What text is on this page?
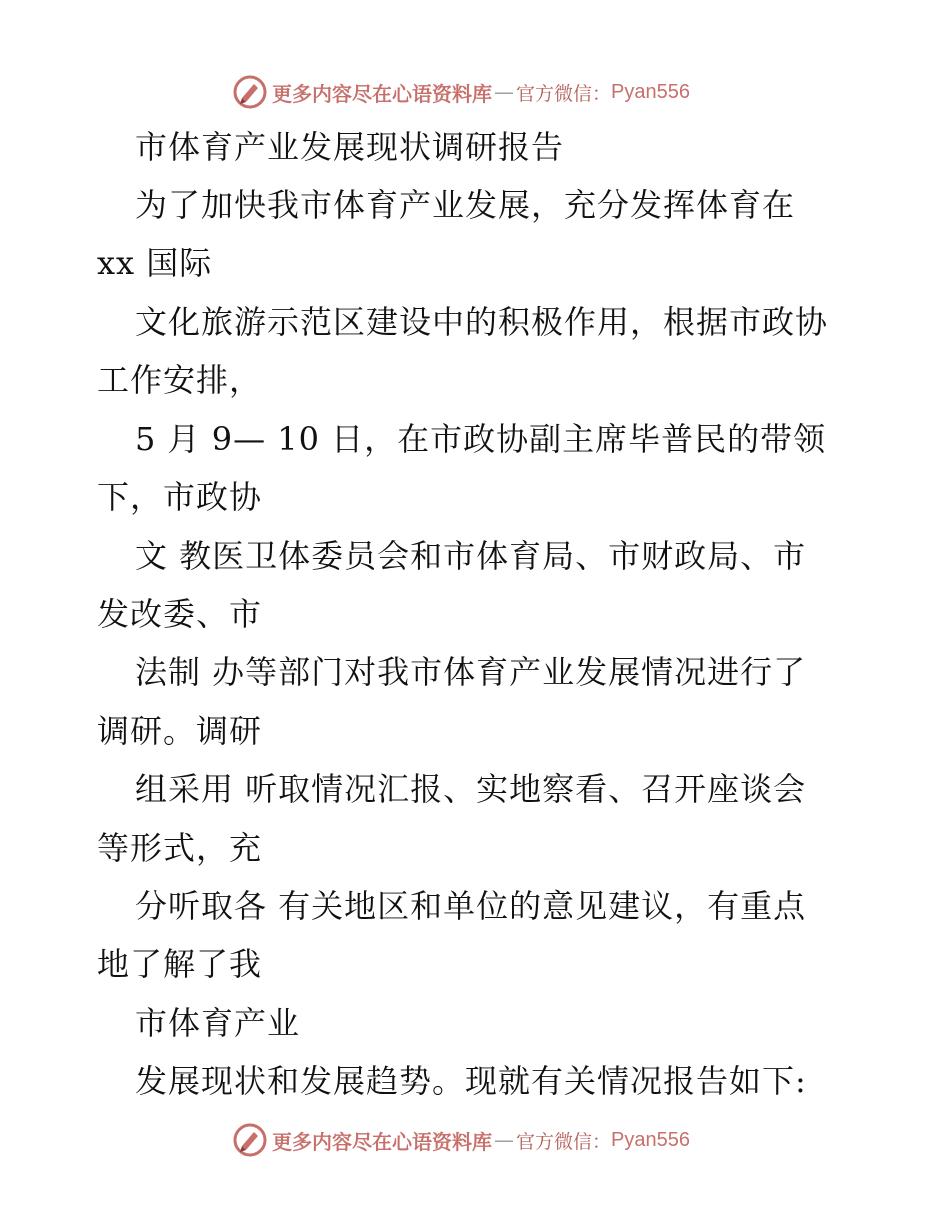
更多内容尽在心语资料库 — 官方微信： Pyan556
市体育产业发展现状调研报告
为了加快我市体育产业发展，充分发挥体育在
xx 国际
文化旅游示范区建设中的积极作用，根据市政协
工作安排，
5 月 9— 10 日，在市政协副主席毕普民的带领
下，市政协
文 教医卫体委员会和市体育局、市财政局、市
发改委、市
法制 办等部门对我市体育产业发展情况进行了
调研。调研
组采用 听取情况汇报、实地察看、召开座谈会
等形式，充
分听取各 有关地区和单位的意见建议，有重点
地了解了我
市体育产业
发展现状和发展趋势。现就有关情况报告如下:
更多内容尽在心语资料库 — 官方微信： Pyan556
